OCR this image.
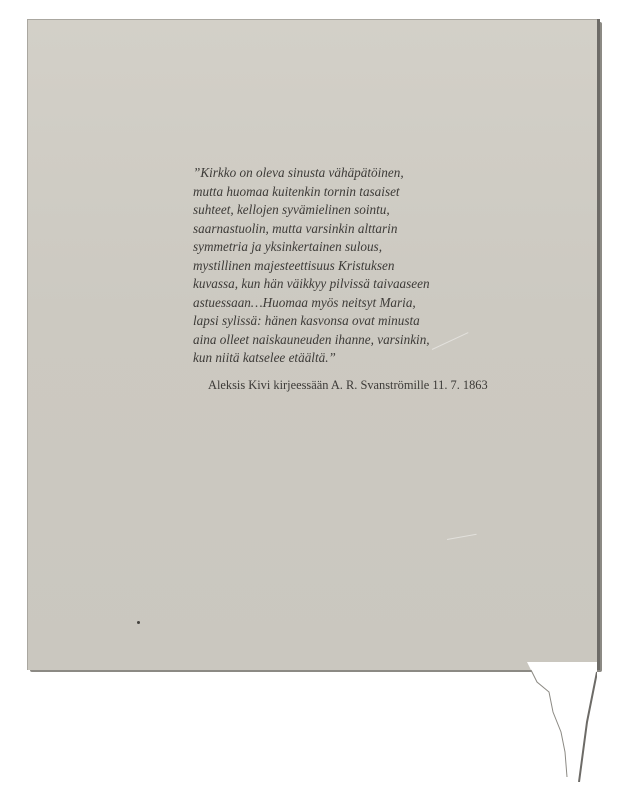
”Kirkko on oleva sinusta vähäpätöinen,
mutta huomaa kuitenkin tornin tasaiset
suhteet, kellojen syvämielinen sointu,
saarnastuolin, mutta varsinkin alttarin
symmetria ja yksinkertainen sulous,
mystillinen majesteettisuus Kristuksen
kuvassa, kun hän väikkyy pilvissä taivaaseen
astuessaan…Huomaa myös neitsyt Maria,
lapsi sylissä: hänen kasvonsa ovat minusta
aina olleet naiskauneuden ihanne, varsinkin,
kun niitä katselee etäältä.”
Aleksis Kivi kirjeessään A. R. Svanströmille 11. 7. 1863
